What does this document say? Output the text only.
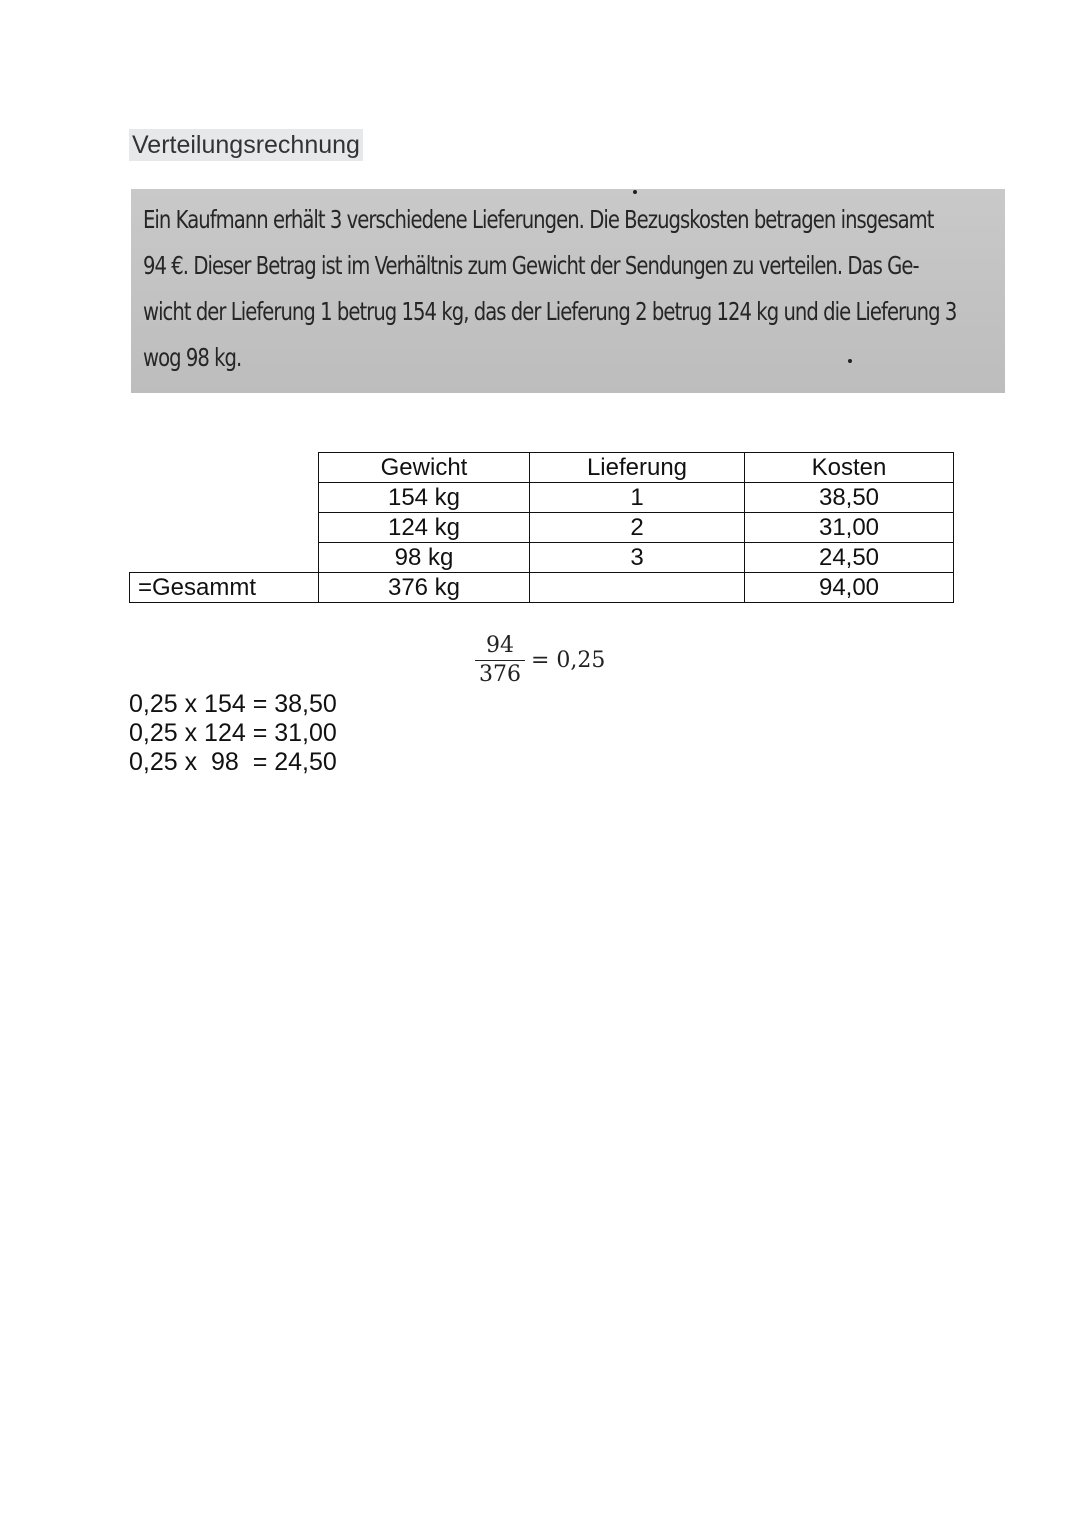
Verteilungsrechnung

Ein Kaufmann erhält 3 verschiedene Lieferungen. Die Bezugskosten betragen insgesamt

94 €. Dieser Betrag ist im Verhältnis zum Gewicht der Sendungen zu verteilen. Das Ge-

wicht der Lieferung 1 betrug 154 kg, das der Lieferung 2 betrug 124 kg und die Lieferung 3

wog 98 kg.

	Gewicht	Lieferung	Kosten
	154 kg	1	38,50
	124 kg	2	31,00
	98 kg	3	24,50
=Gesammt	376 kg		94,00
$\frac{94}{376} = 0,25$
0,25 x 154 = 38,50
0,25 x 124 = 31,00
0,25 x  98  = 24,50
